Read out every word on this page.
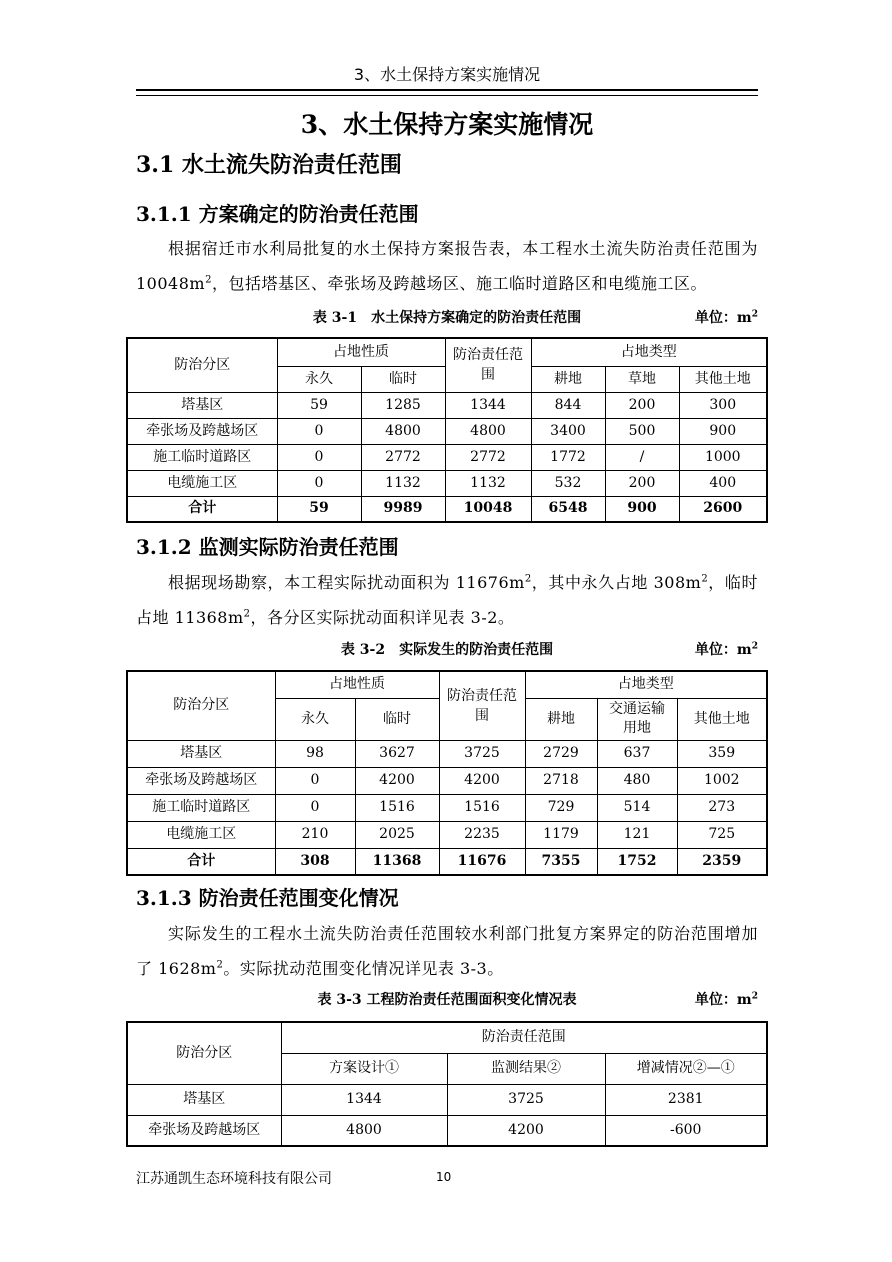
3、水土保持方案实施情况
3、水土保持方案实施情况
3.1 水土流失防治责任范围
3.1.1 方案确定的防治责任范围
根据宿迁市水利局批复的水土保持方案报告表，本工程水土流失防治责任范围为 $10048m^2$，包括塔基区、牵张场及跨越场区、施工临时道路区和电缆施工区。
表 3-1　水土保持方案确定的防治责任范围	单位：$m^2$
防治分区	占地性质		防治责任范围	占地类型		
	永久	临时		耕地	草地	其他土地
塔基区	59	1285	1344	844	200	300
牵张场及跨越场区	0	4800	4800	3400	500	900
施工临时道路区	0	2772	2772	1772	/	1000
电缆施工区	0	1132	1132	532	200	400
合计	59	9989	10048	6548	900	2600
3.1.2 监测实际防治责任范围
根据现场勘察，本工程实际扰动面积为 $11676m^2$，其中永久占地 $308m^2$，临时占地 $11368m^2$，各分区实际扰动面积详见表 3-2。
表 3-2　实际发生的防治责任范围	单位：$m^2$
防治分区	占地性质		防治责任范围	占地类型		
	永久	临时		耕地	交通运输用地	其他土地
塔基区	98	3627	3725	2729	637	359
牵张场及跨越场区	0	4200	4200	2718	480	1002
施工临时道路区	0	1516	1516	729	514	273
电缆施工区	210	2025	2235	1179	121	725
合计	308	11368	11676	7355	1752	2359
3.1.3 防治责任范围变化情况
实际发生的工程水土流失防治责任范围较水利部门批复方案界定的防治范围增加了 $1628m^2$。实际扰动范围变化情况详见表 3-3。
表 3-3 工程防治责任范围面积变化情况表	单位：$m^2$
防治分区	防治责任范围		
	方案设计①	监测结果②	增减情况②—①
塔基区	1344	3725	2381
牵张场及跨越场区	4800	4200	-600
江苏通凯生态环境科技有限公司	10
